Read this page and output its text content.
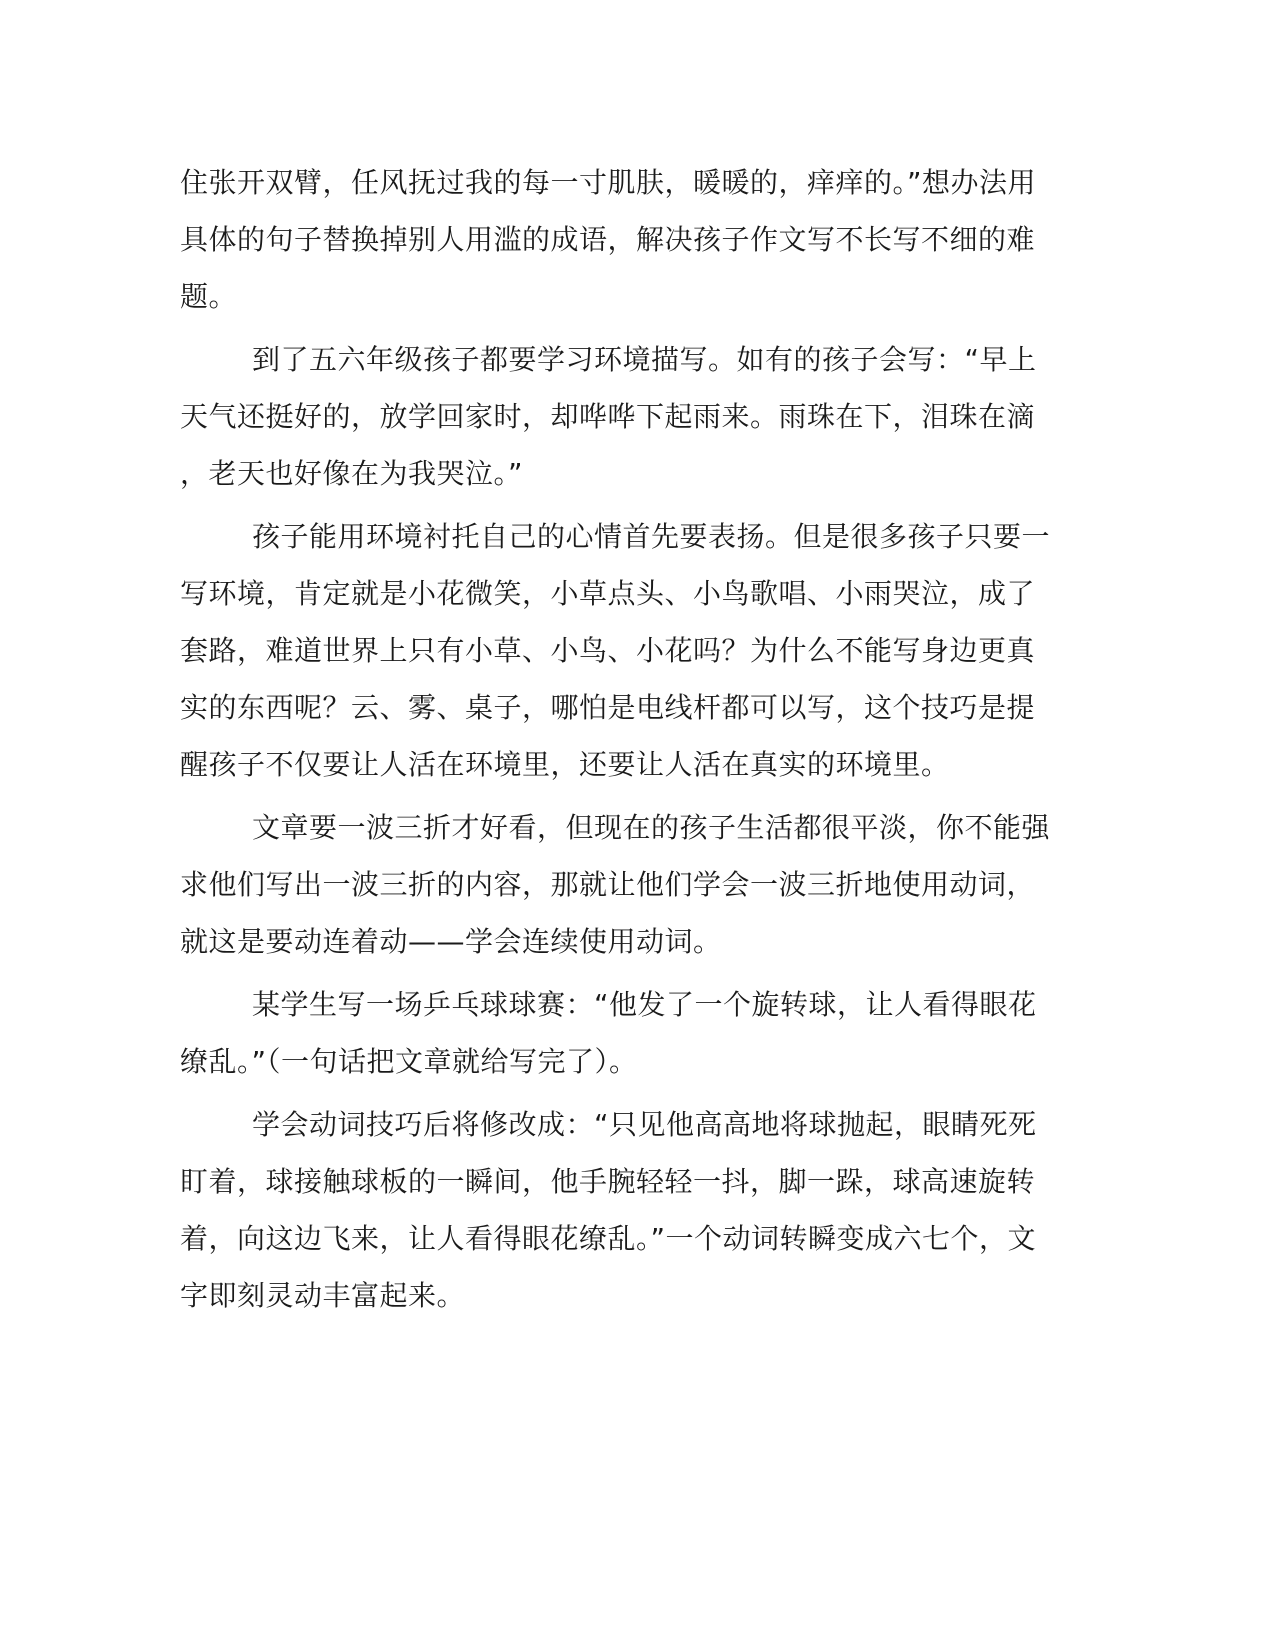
住张开双臂，任风抚过我的每一寸肌肤，暖暖的，痒痒的。”想办法用

具体的句子替换掉别人用滥的成语，解决孩子作文写不长写不细的难

题。

到了五六年级孩子都要学习环境描写。如有的孩子会写：“早上

天气还挺好的，放学回家时，却哗哗下起雨来。雨珠在下，泪珠在滴

，老天也好像在为我哭泣。”

孩子能用环境衬托自己的心情首先要表扬。但是很多孩子只要一

写环境，肯定就是小花微笑，小草点头、小鸟歌唱、小雨哭泣，成了

套路，难道世界上只有小草、小鸟、小花吗？为什么不能写身边更真

实的东西呢？云、雾、桌子，哪怕是电线杆都可以写，这个技巧是提

醒孩子不仅要让人活在环境里，还要让人活在真实的环境里。

文章要一波三折才好看，但现在的孩子生活都很平淡，你不能强

求他们写出一波三折的内容，那就让他们学会一波三折地使用动词，

就这是要动连着动——学会连续使用动词。

某学生写一场乒乓球球赛：“他发了一个旋转球，让人看得眼花

缭乱。”（一句话把文章就给写完了）。

学会动词技巧后将修改成：“只见他高高地将球抛起，眼睛死死

盯着，球接触球板的一瞬间，他手腕轻轻一抖，脚一跺，球高速旋转

着，向这边飞来，让人看得眼花缭乱。”一个动词转瞬变成六七个，文

字即刻灵动丰富起来。
